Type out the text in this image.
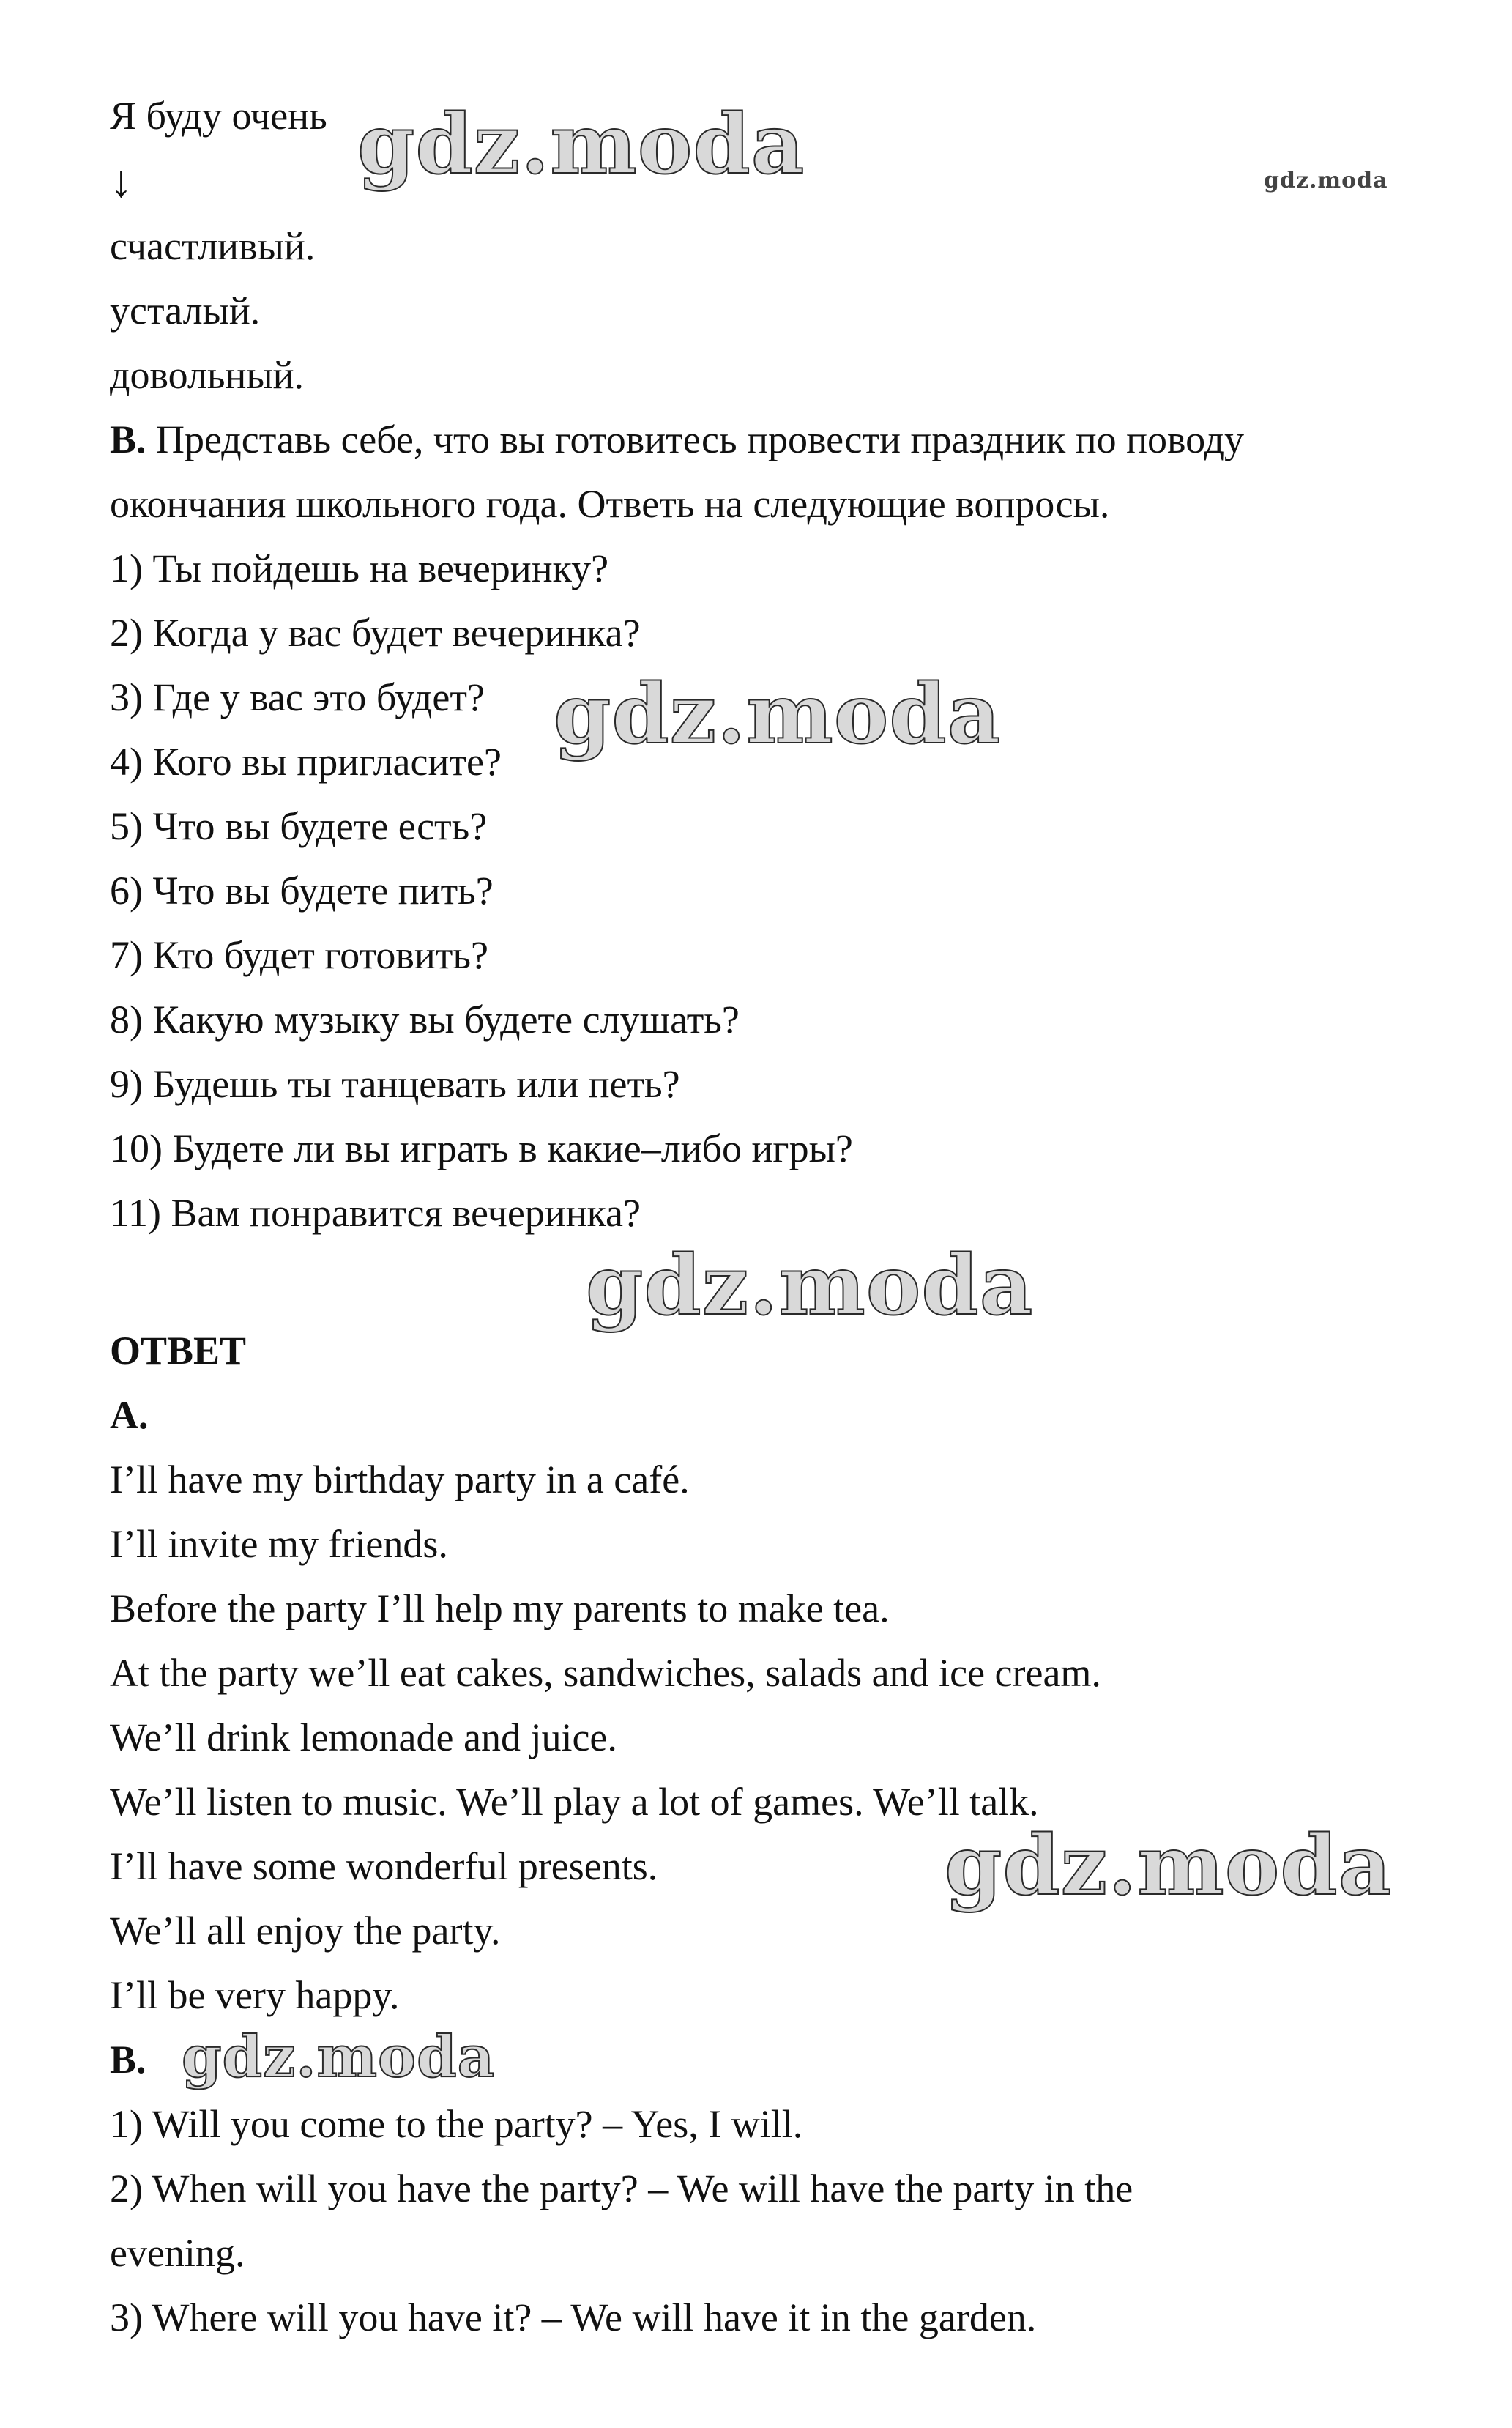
Я буду очень
↓
счастливый.
усталый.
довольный.
B. Представь себе, что вы готовитесь провести праздник по поводу
окончания школьного года. Ответь на следующие вопросы.
1) Ты пойдешь на вечеринку?
2) Когда у вас будет вечеринка?
3) Где у вас это будет?
4) Кого вы пригласите?
5) Что вы будете есть?
6) Что вы будете пить?
7) Кто будет готовить?
8) Какую музыку вы будете слушать?
9) Будешь ты танцевать или петь?
10) Будете ли вы играть в какие–либо игры?
11) Вам понравится вечеринка?
ОТВЕТ
A.
I’ll have my birthday party in a café.
I’ll invite my friends.
Before the party I’ll help my parents to make tea.
At the party we’ll eat cakes, sandwiches, salads and ice cream.
We’ll drink lemonade and juice.
We’ll listen to music. We’ll play a lot of games. We’ll talk.
I’ll have some wonderful presents.
We’ll all enjoy the party.
I’ll be very happy.
B.
1) Will you come to the party? – Yes, I will.
2) When will you have the party? – We will have the party in the
evening.
3) Where will you have it? – We will have it in the garden.
gdz.moda	gdz.moda
gdz.moda
gdz.moda
gdz.moda
gdz.moda
